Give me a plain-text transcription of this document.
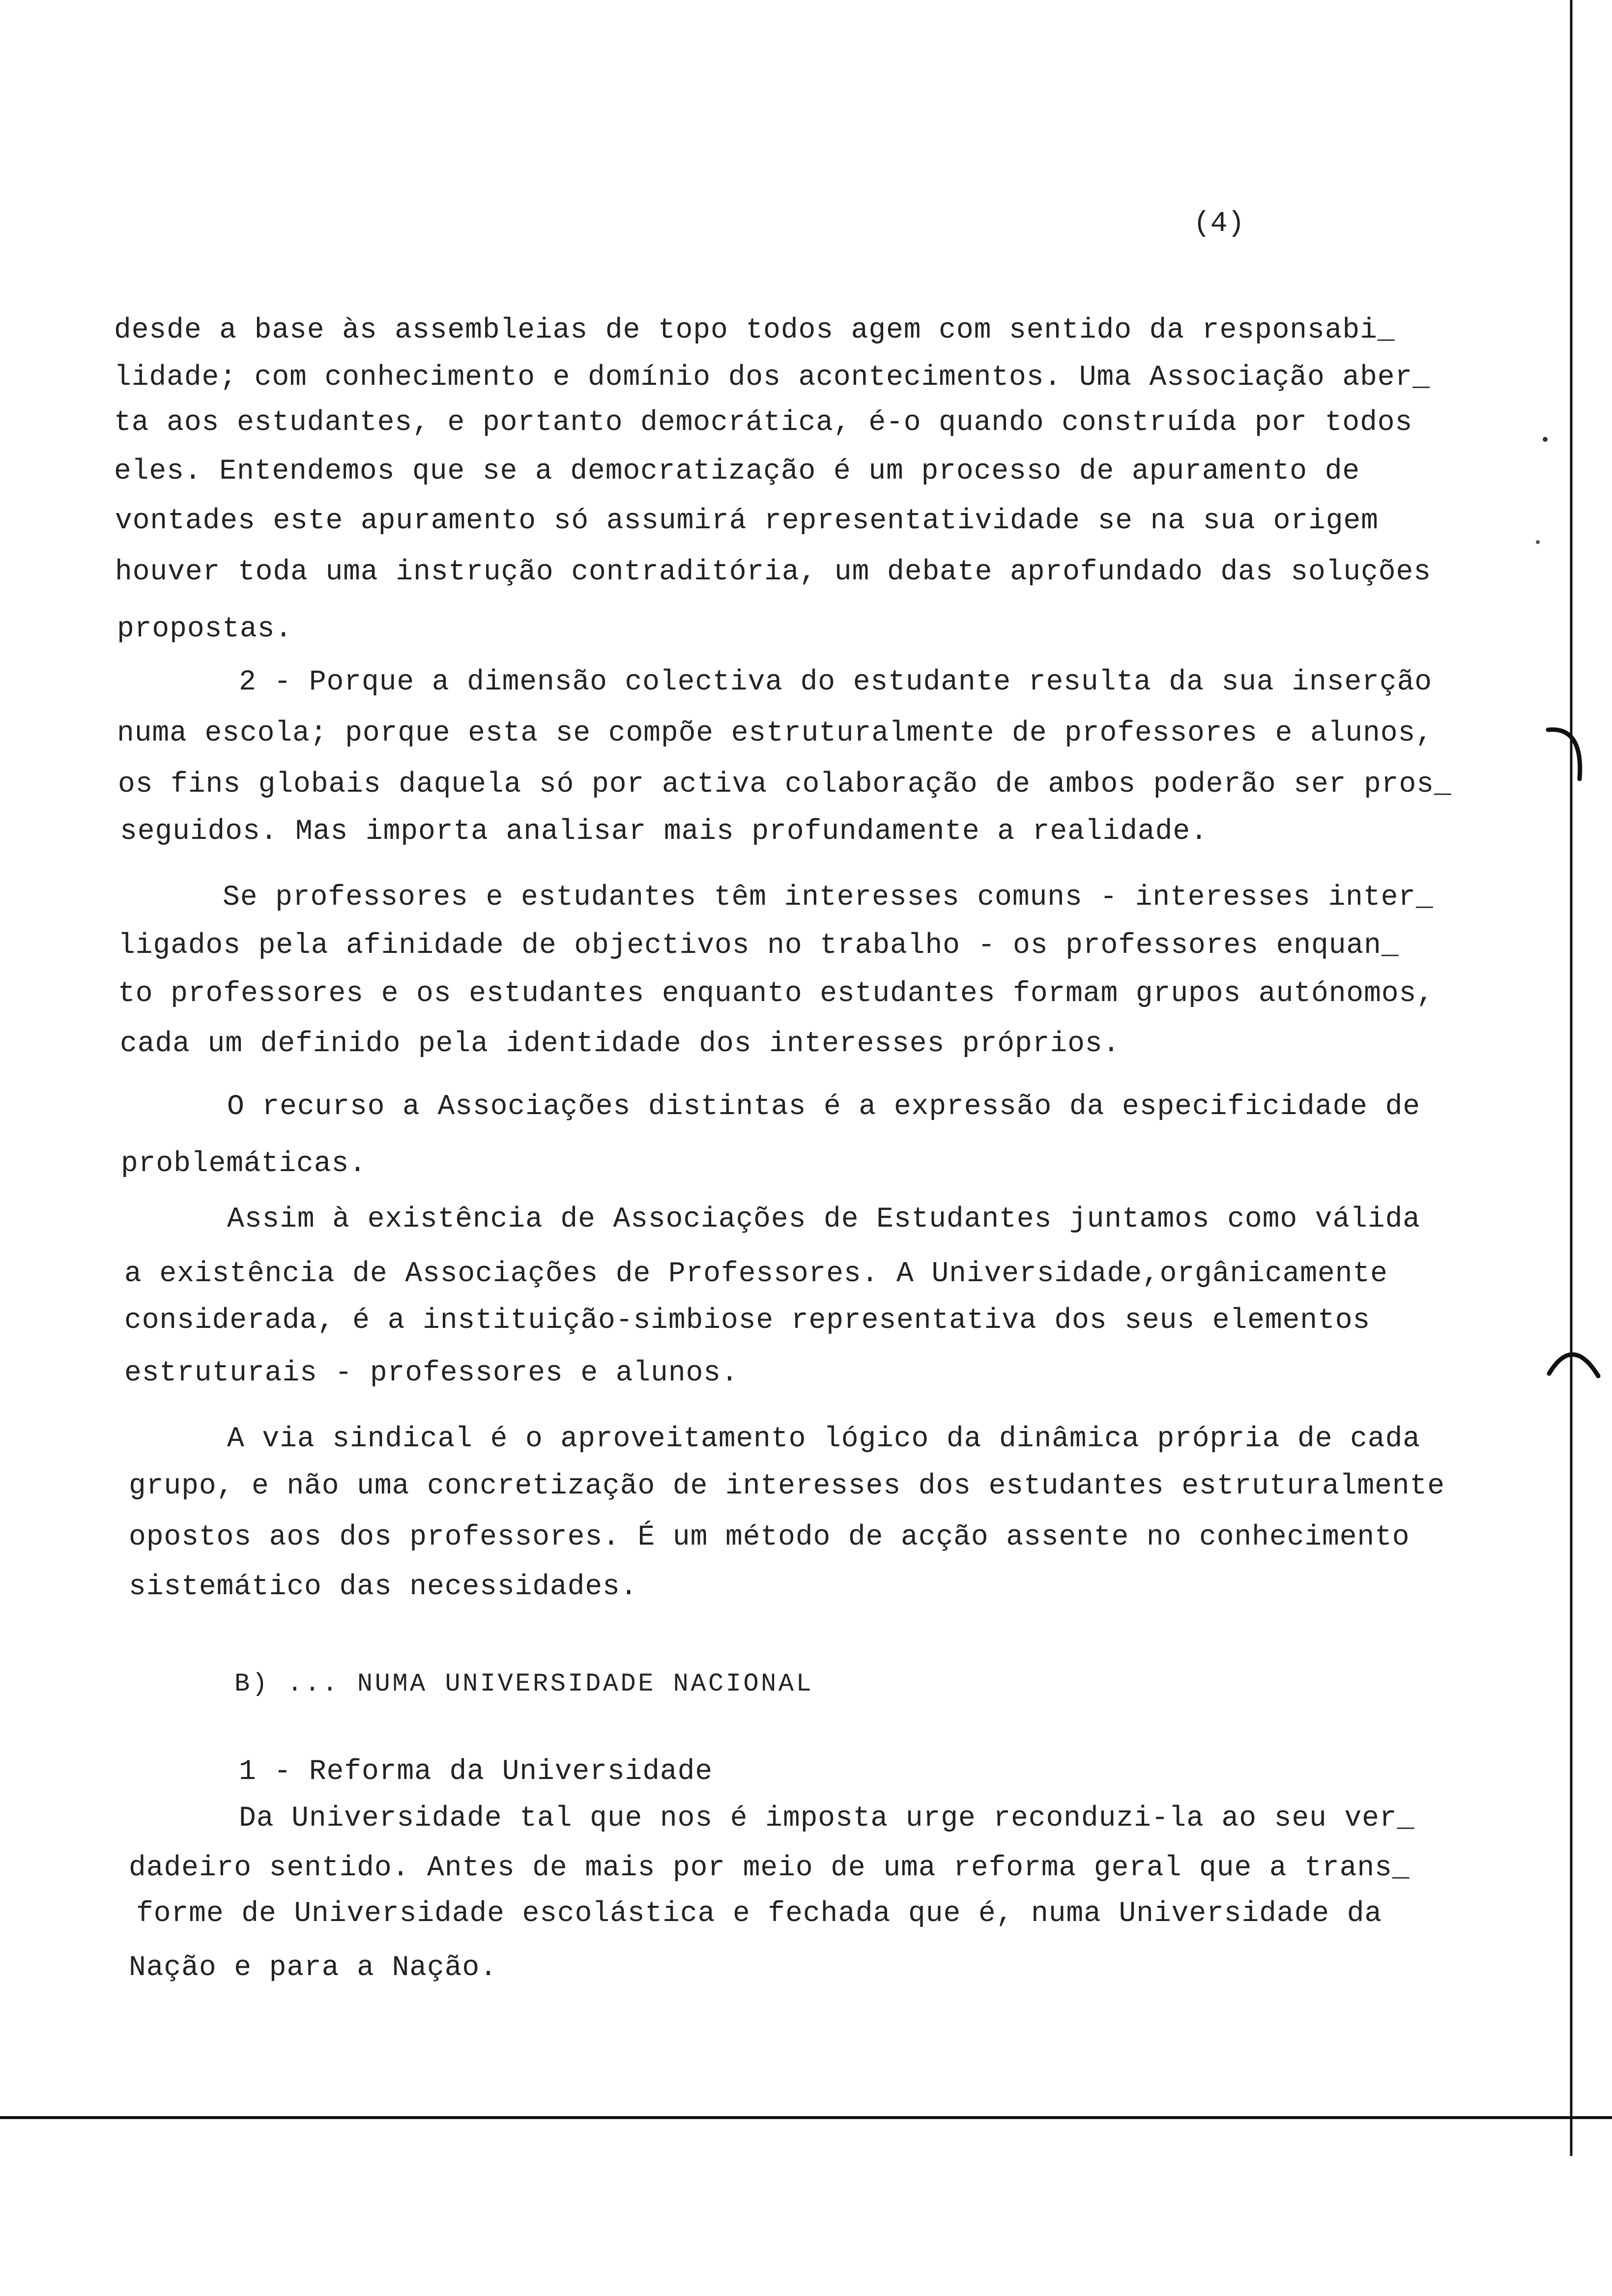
(4)
desde a base às assembleias de topo todos agem com sentido da responsabi_
lidade; com conhecimento e domínio dos acontecimentos. Uma Associação aber_
ta aos estudantes, e portanto democrática, é-o quando construída por todos
eles. Entendemos que se a democratização é um processo de apuramento de
vontades este apuramento só assumirá representatividade se na sua origem
houver toda uma instrução contraditória, um debate aprofundado das soluções
propostas.
2 - Porque a dimensão colectiva do estudante resulta da sua inserção
numa escola; porque esta se compõe estruturalmente de professores e alunos,
os fins globais daquela só por activa colaboração de ambos poderão ser pros_
seguidos. Mas importa analisar mais profundamente a realidade.
Se professores e estudantes têm interesses comuns - interesses inter_
ligados pela afinidade de objectivos no trabalho - os professores enquan_
to professores e os estudantes enquanto estudantes formam grupos autónomos,
cada um definido pela identidade dos interesses próprios.
O recurso a Associações distintas é a expressão da especificidade de
problemáticas.
Assim à existência de Associações de Estudantes juntamos como válida
a existência de Associações de Professores. A Universidade,orgânicamente
considerada, é a instituição-simbiose representativa dos seus elementos
estruturais - professores e alunos.
A via sindical é o aproveitamento lógico da dinâmica própria de cada
grupo, e não uma concretização de interesses dos estudantes estruturalmente
opostos aos dos professores. É um método de acção assente no conhecimento
sistemático das necessidades.
B) ... NUMA UNIVERSIDADE NACIONAL
1 - Reforma da Universidade
Da Universidade tal que nos é imposta urge reconduzi-la ao seu ver_
dadeiro sentido. Antes de mais por meio de uma reforma geral que a trans_
forme de Universidade escolástica e fechada que é, numa Universidade da
Nação e para a Nação.
